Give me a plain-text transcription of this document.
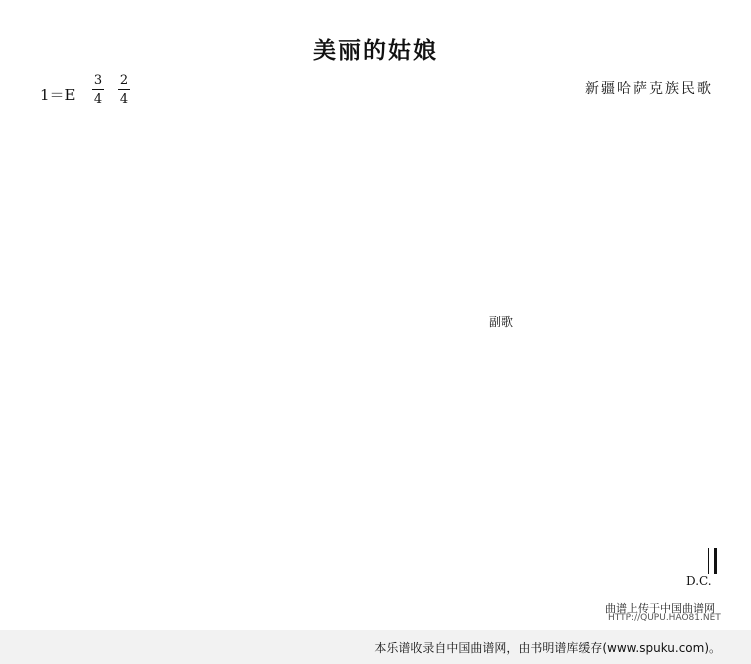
美丽的姑娘
1＝E
3
4
2
4
新疆哈萨克族民歌
副歌
D.C.
曲谱上传于中国曲谱网
HTTP://QUPU.HAO81.NET
本乐谱收录自中国曲谱网，由书明谱库缓存(www.spuku.com)。
